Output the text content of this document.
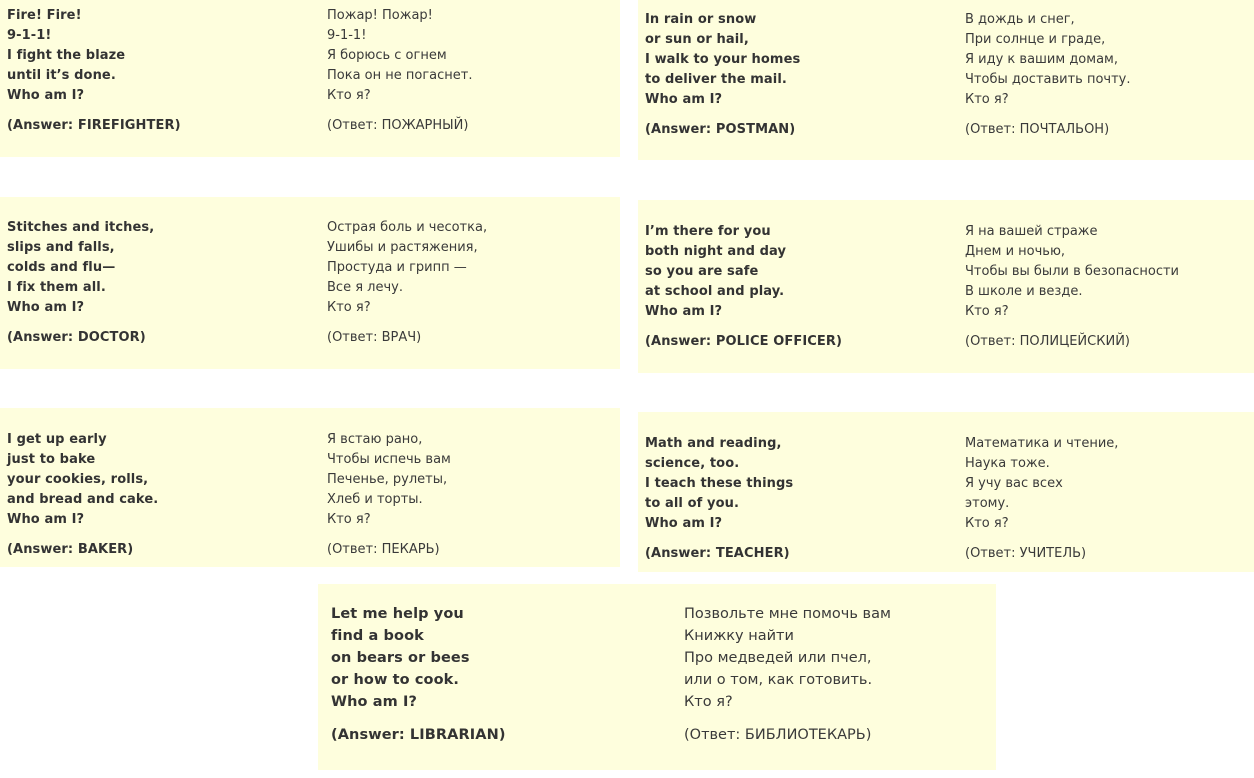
Fire! Fire!
9-1-1!
I fight the blaze
until it’s done.
Who am I?
(Answer: FIREFIGHTER)
Пожар! Пожар!
9-1-1!
Я борюсь с огнем
Пока он не погаснет.
Кто я?
(Ответ: ПОЖАРНЫЙ)
In rain or snow
or sun or hail,
I walk to your homes
to deliver the mail.
Who am I?
(Answer: POSTMAN)
В дождь и снег,
При солнце и граде,
Я иду к вашим домам,
Чтобы доставить почту.
Кто я?
(Ответ: ПОЧТАЛЬОН)
Stitches and itches,
slips and falls,
colds and flu—
I fix them all.
Who am I?
(Answer: DOCTOR)
Острая боль и чесотка,
Ушибы и растяжения,
Простуда и грипп —
Все я лечу.
Кто я?
(Ответ: ВРАЧ)
I’m there for you
both night and day
so you are safe
at school and play.
Who am I?
(Answer: POLICE OFFICER)
Я на вашей страже
Днем и ночью,
Чтобы вы были в безопасности
В школе и везде.
Кто я?
(Ответ: ПОЛИЦЕЙСКИЙ)
I get up early
just to bake
your cookies, rolls,
and bread and cake.
Who am I?
(Answer: BAKER)
Я встаю рано,
Чтобы испечь вам
Печенье, рулеты,
Хлеб и торты.
Кто я?
(Ответ: ПЕКАРЬ)
Math and reading,
science, too.
I teach these things
to all of you.
Who am I?
(Answer: TEACHER)
Математика и чтение,
Наука тоже.
Я учу вас всех
этому.
Кто я?
(Ответ: УЧИТЕЛЬ)
Let me help you
find a book
on bears or bees
or how to cook.
Who am I?
(Answer: LIBRARIAN)
Позвольте мне помочь вам
Книжку найти
Про медведей или пчел,
или о том, как готовить.
Кто я?
(Ответ: БИБЛИОТЕКАРЬ)
